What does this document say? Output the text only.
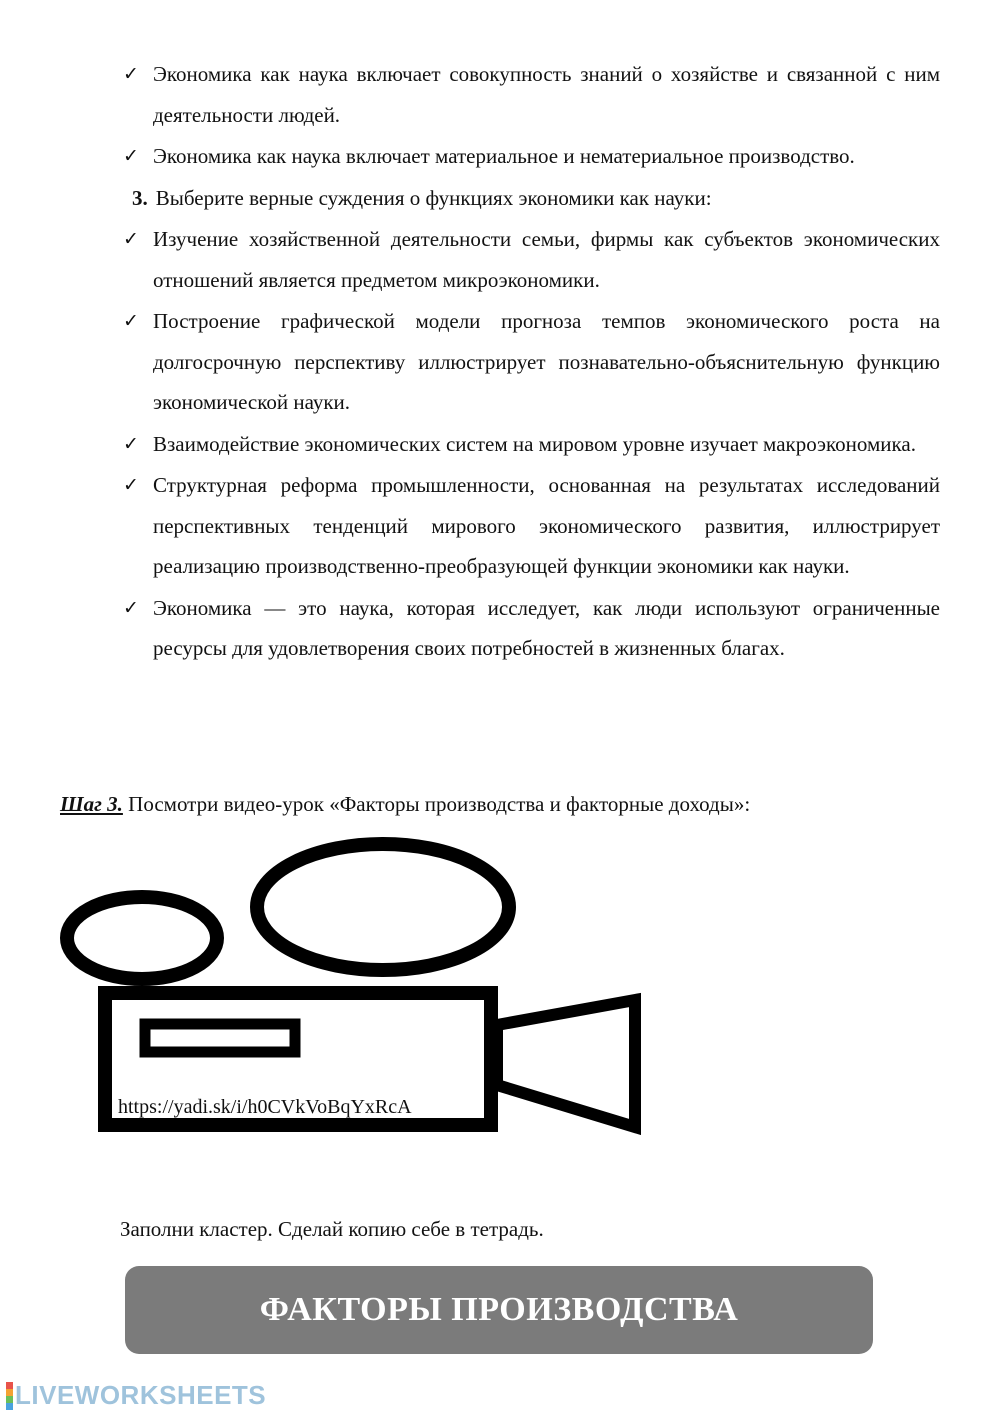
✓ Экономика как наука включает совокупность знаний о хозяйстве и связанной с ним деятельности людей.
✓ Экономика как наука включает материальное и нематериальное производство.
3. Выберите верные суждения о функциях экономики как науки:
✓ Изучение хозяйственной деятельности семьи, фирмы как субъектов экономических отношений является предметом микроэкономики.
✓ Построение графической модели прогноза темпов экономического роста на долгосрочную перспективу иллюстрирует познавательно-объяснительную функцию экономической науки.
✓ Взаимодействие экономических систем на мировом уровне изучает макроэкономика.
✓ Структурная реформа промышленности, основанная на результатах исследований перспективных тенденций мирового экономического развития, иллюстрирует реализацию производственно-преобразующей функции экономики как науки.
✓ Экономика — это наука, которая исследует, как люди используют ограниченные ресурсы для удовлетворения своих потребностей в жизненных благах.
Шаг 3. Посмотри видео-урок «Факторы производства и факторные доходы»:
https://yadi.sk/i/h0CVkVoBqYxRcA
Заполни кластер. Сделай копию себе в тетрадь.
ФАКТОРЫ ПРОИЗВОДСТВА
LIVEWORKSHEETS
